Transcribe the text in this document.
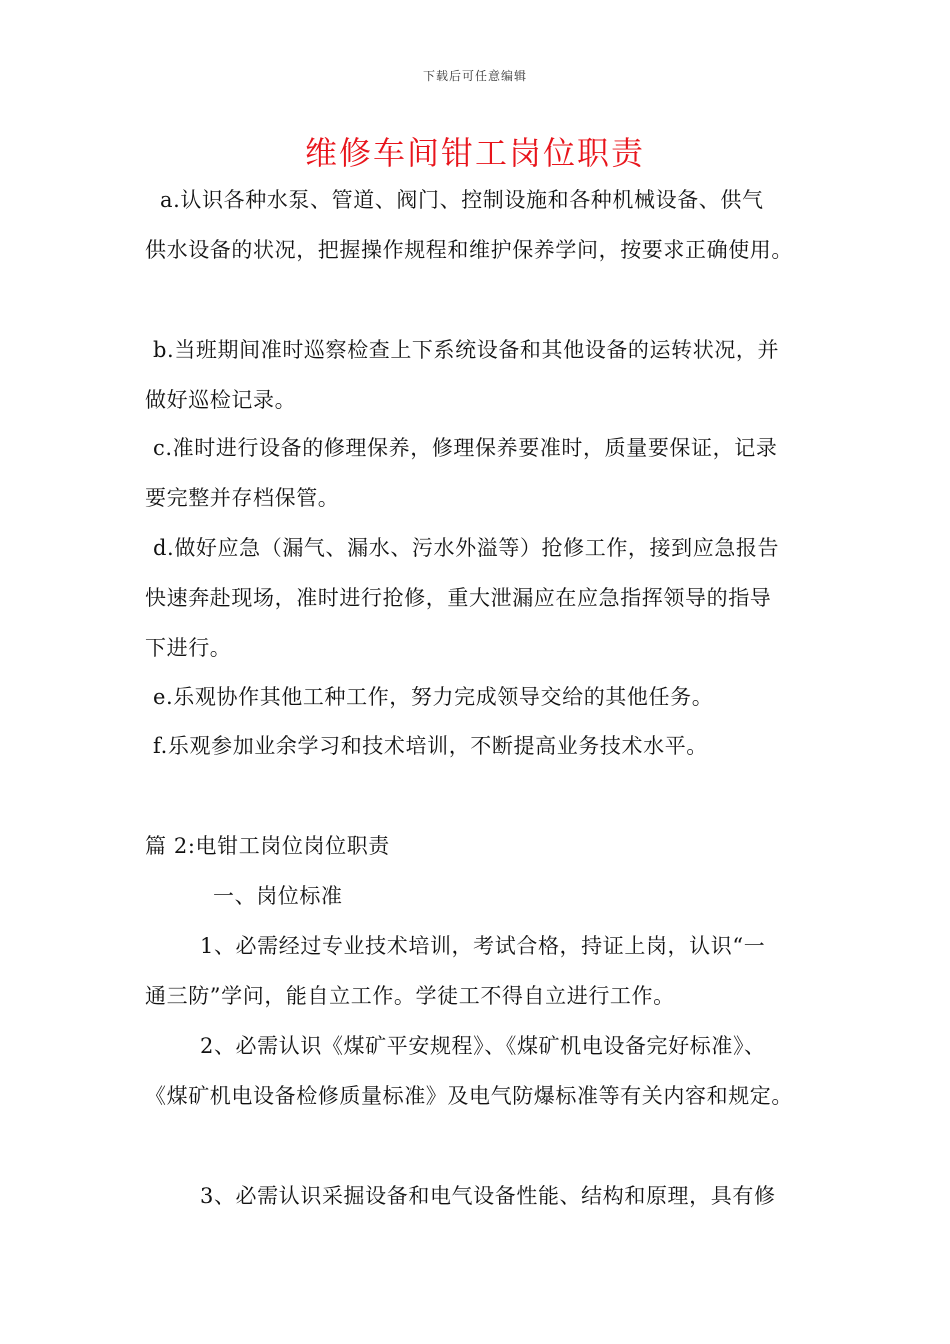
下载后可任意编辑
维修车间钳工岗位职责
a.认识各种水泵、管道、阀门、控制设施和各种机械设备、供气
供水设备的状况，把握操作规程和维护保养学问，按要求正确使用。
b.当班期间准时巡察检查上下系统设备和其他设备的运转状况，并
做好巡检记录。
c.准时进行设备的修理保养，修理保养要准时，质量要保证，记录
要完整并存档保管。
d.做好应急（漏气、漏水、污水外溢等）抢修工作，接到应急报告
快速奔赴现场，准时进行抢修，重大泄漏应在应急指挥领导的指导
下进行。
e.乐观协作其他工种工作，努力完成领导交给的其他任务。
f.乐观参加业余学习和技术培训，不断提高业务技术水平。
篇 2:电钳工岗位岗位职责
一、岗位标准
1、必需经过专业技术培训，考试合格，持证上岗，认识“一
通三防”学问，能自立工作。学徒工不得自立进行工作。
2、必需认识《煤矿平安规程》、《煤矿机电设备完好标准》、
《煤矿机电设备检修质量标准》及电气防爆标准等有关内容和规定。
3、必需认识采掘设备和电气设备性能、结构和原理，具有修
